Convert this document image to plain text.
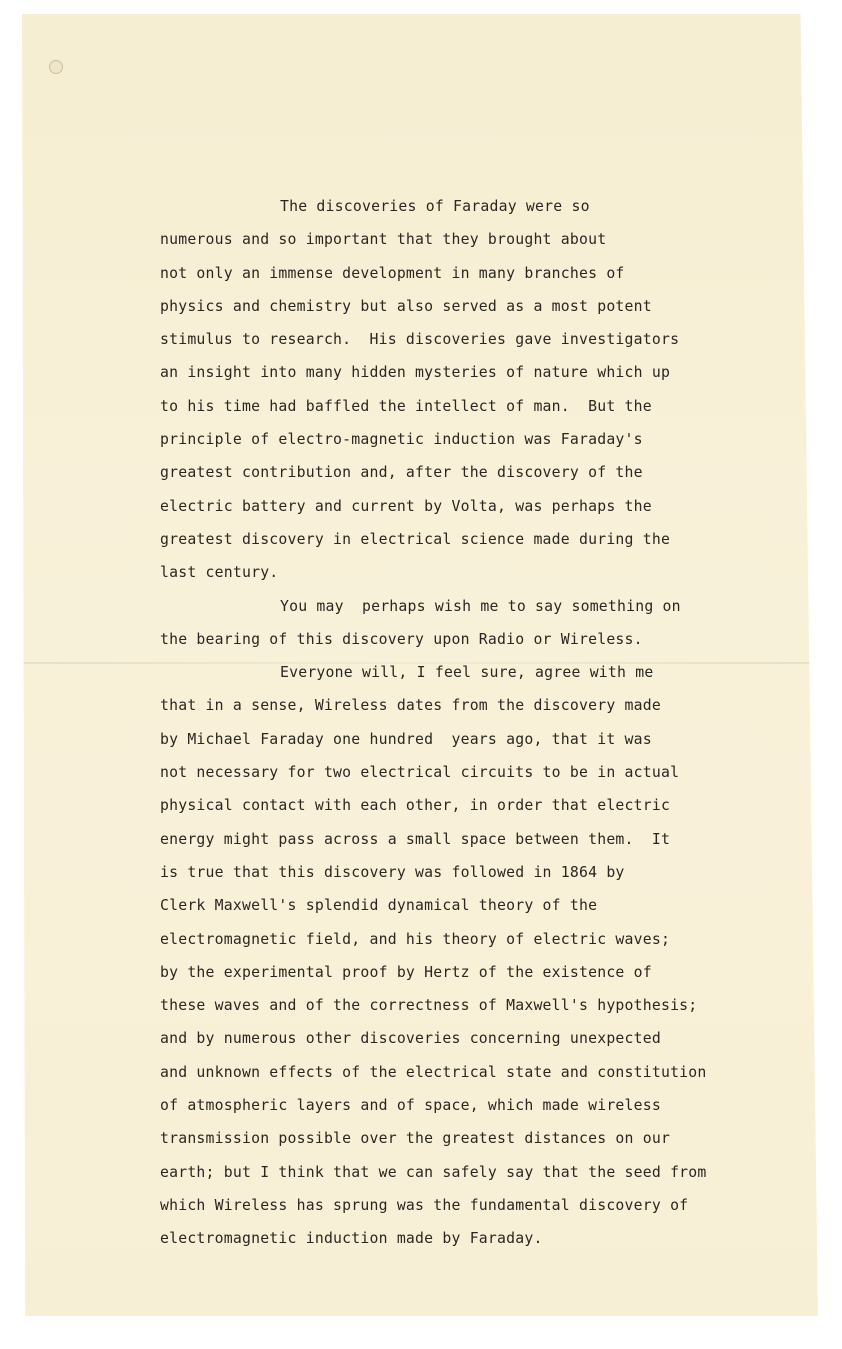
The discoveries of Faraday were so
numerous and so important that they brought about
not only an immense development in many branches of
physics and chemistry but also served as a most potent
stimulus to research.  His discoveries gave investigators
an insight into many hidden mysteries of nature which up
to his time had baffled the intellect of man.  But the
principle of electro-magnetic induction was Faraday's
greatest contribution and, after the discovery of the
electric battery and current by Volta, was perhaps the
greatest discovery in electrical science made during the
last century.
You may  perhaps wish me to say something on
the bearing of this discovery upon Radio or Wireless.
Everyone will, I feel sure, agree with me
that in a sense, Wireless dates from the discovery made
by Michael Faraday one hundred  years ago, that it was
not necessary for two electrical circuits to be in actual
physical contact with each other, in order that electric
energy might pass across a small space between them.  It
is true that this discovery was followed in 1864 by
Clerk Maxwell's splendid dynamical theory of the
electromagnetic field, and his theory of electric waves;
by the experimental proof by Hertz of the existence of
these waves and of the correctness of Maxwell's hypothesis;
and by numerous other discoveries concerning unexpected
and unknown effects of the electrical state and constitution
of atmospheric layers and of space, which made wireless
transmission possible over the greatest distances on our
earth; but I think that we can safely say that the seed from
which Wireless has sprung was the fundamental discovery of
electromagnetic induction made by Faraday.
